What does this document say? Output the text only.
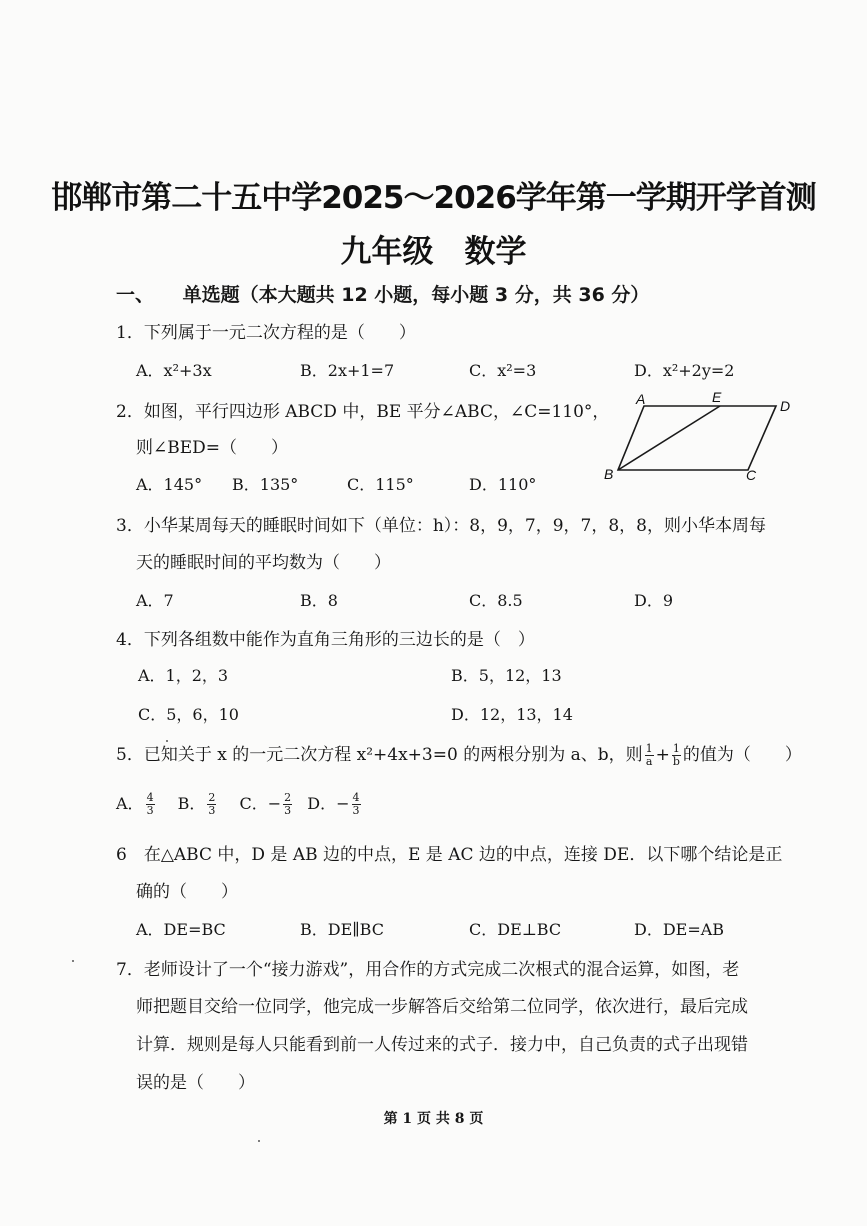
邯郸市第二十五中学2025～2026学年第一学期开学首测
九年级　数学
一、 单选题（本大题共 12 小题，每小题 3 分，共 36 分）
1．下列属于一元二次方程的是（　　）
A．x²+3x	B．2x+1=7	C．x²=3	D．x²+2y=2
2．如图，平行四边形 ABCD 中，BE 平分∠ABC，∠C=110°，
则∠BED=（　　）
A．145° B．135°	C．115°	D．110°
A	E
D
B	C
3．小华某周每天的睡眠时间如下（单位：h）：8，9，7，9，7，8，8，则小华本周每
天的睡眠时间的平均数为（　　）
A．7	B．8	C．8.5	D．9
4．下列各组数中能作为直角三角形的三边长的是（　）
A．1，2，3	B．5，12，13
C．5，6，10	D．12，13，14
5．已知关于 x 的一元二次方程 x²+4x+3=0 的两根分别为 a、b，则 $\frac{1}{a} + \frac{1}{b}$ 的值为（　　）
A． $\frac{4}{3}$ B． $\frac{2}{3}$ C．− $\frac{2}{3}$ D．− $\frac{4}{3}$
6　在△ABC 中，D 是 AB 边的中点，E 是 AC 边的中点，连接 DE．以下哪个结论是正
确的（　　）
A．DE=BC	B．DE∥BC	C．DE⊥BC	D．DE=AB
7．老师设计了一个“接力游戏”，用合作的方式完成二次根式的混合运算，如图，老
师把题目交给一位同学，他完成一步解答后交给第二位同学，依次进行，最后完成
计算．规则是每人只能看到前一人传过来的式子．接力中，自己负责的式子出现错
误的是（　　）
第 1 页 共 8 页
